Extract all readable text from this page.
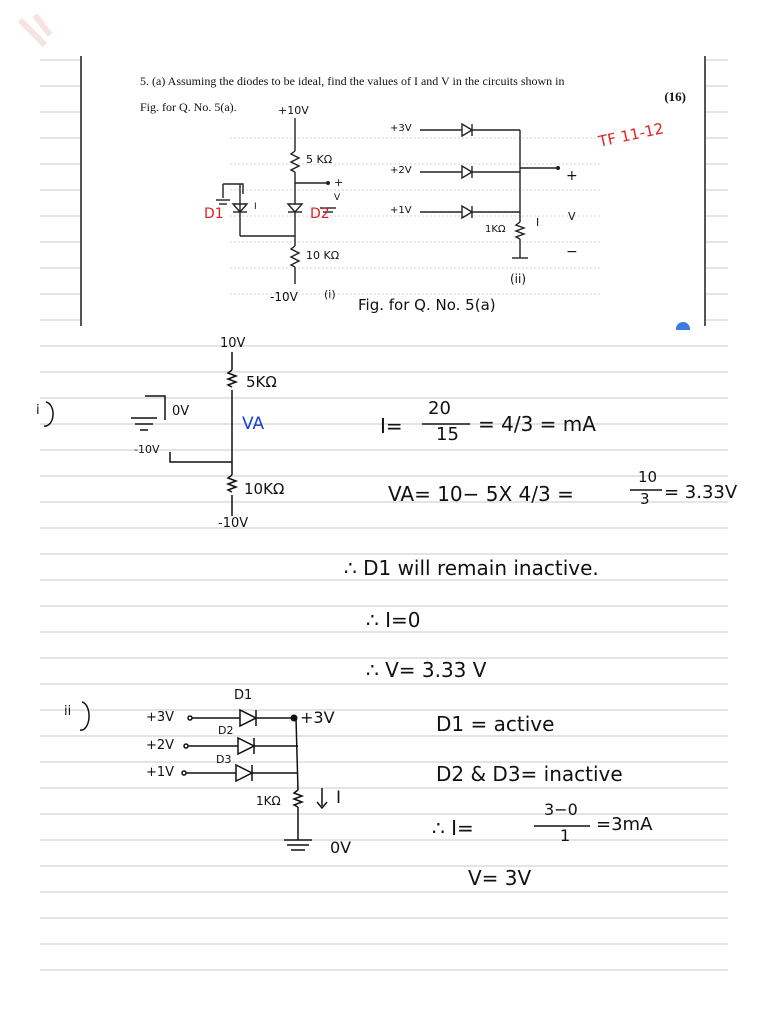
5. (a) Assuming the diodes to be ideal, find the values of I and V in the circuits shown in
Fig. for Q. No. 5(a).
(16)
+10V
5 KΩ
+
V
I
D1	D2
10 KΩ
-10V (i)
+3V
+2V
+1V
1KΩ
I
+
V
−
(ii)
TF 11-12
Fig. for Q. No. 5(a)
i
10V
5KΩ
0V
VA
-10V
10KΩ
-10V
I=
20
15 = 4/3 = mA
VA= 10− 5X 4/3 =
10
3 = 3.33V
∴ D1 will remain inactive.
∴ I=0
∴ V= 3.33 V
ii	+3V
+2V
+1V
D1
D2
D3
+3V
1KΩ	I
0V
D1 = active
D2 & D3= inactive
∴ I=
3−0
1
=3mA
V= 3V
